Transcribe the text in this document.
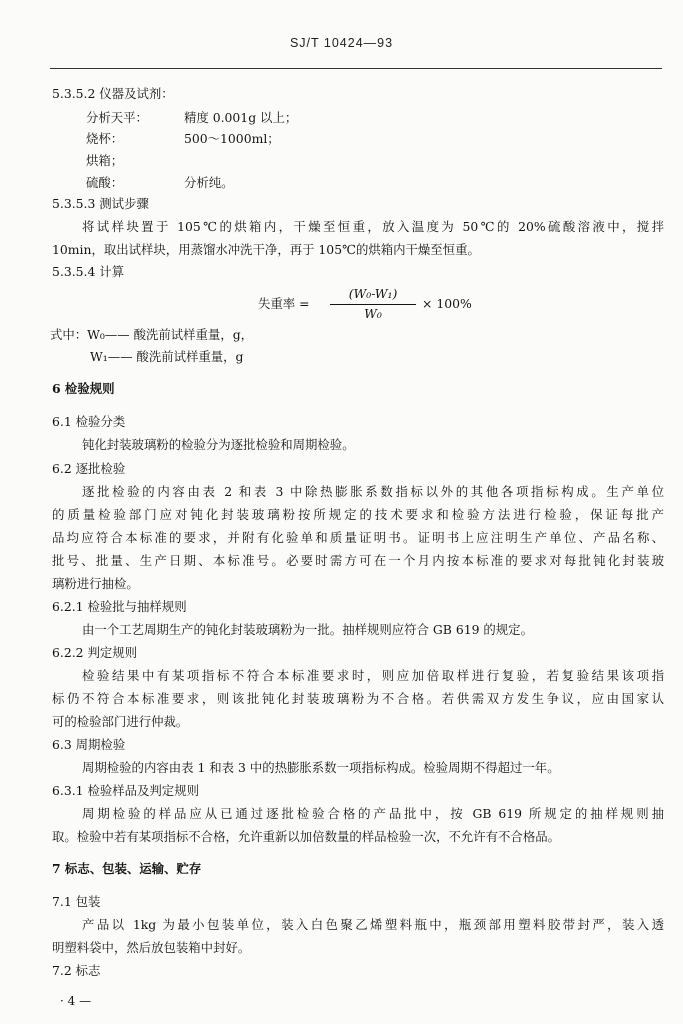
SJ/T 10424—93
5.3.5.2 仪器及试剂：
分析天平：	精度 0.001g 以上；
烧杯：	500～1000ml；
烘箱；
硫酸：	分析纯。
5.3.5.3 测试步骤
将试样块置于 105℃的烘箱内，干燥至恒重，放入温度为 50℃的 20%硫酸溶液中，搅拌
10min，取出试样块，用蒸馏水冲洗干净，再于 105℃的烘箱内干燥至恒重。
5.3.5.4 计算
失重率 =
(W₀-W₁)
W₀
× 100%
式中：W₀—— 酸洗前试样重量，g，
W₁—— 酸洗前试样重量，g
6 检验规则
6.1 检验分类
钝化封装玻璃粉的检验分为逐批检验和周期检验。
6.2 逐批检验
逐批检验的内容由表 2 和表 3 中除热膨胀系数指标以外的其他各项指标构成。生产单位
的质量检验部门应对钝化封装玻璃粉按所规定的技术要求和检验方法进行检验，保证每批产
品均应符合本标准的要求，并附有化验单和质量证明书。证明书上应注明生产单位、产品名称、
批号、批量、生产日期、本标准号。必要时需方可在一个月内按本标准的要求对每批钝化封装玻
璃粉进行抽检。
6.2.1 检验批与抽样规则
由一个工艺周期生产的钝化封装玻璃粉为一批。抽样规则应符合 GB 619 的规定。
6.2.2 判定规则
检验结果中有某项指标不符合本标准要求时，则应加倍取样进行复验，若复验结果该项指
标仍不符合本标准要求，则该批钝化封装玻璃粉为不合格。若供需双方发生争议，应由国家认
可的检验部门进行仲裁。
6.3 周期检验
周期检验的内容由表 1 和表 3 中的热膨胀系数一项指标构成。检验周期不得超过一年。
6.3.1 检验样品及判定规则
周期检验的样品应从已通过逐批检验合格的产品批中，按 GB 619 所规定的抽样规则抽
取。检验中若有某项指标不合格，允许重新以加倍数量的样品检验一次，不允许有不合格品。
7 标志、包装、运输、贮存
7.1 包装
产品以 1kg 为最小包装单位，装入白色聚乙烯塑料瓶中，瓶颈部用塑料胶带封严，装入透
明塑料袋中，然后放包装箱中封好。
7.2 标志
· 4 —
